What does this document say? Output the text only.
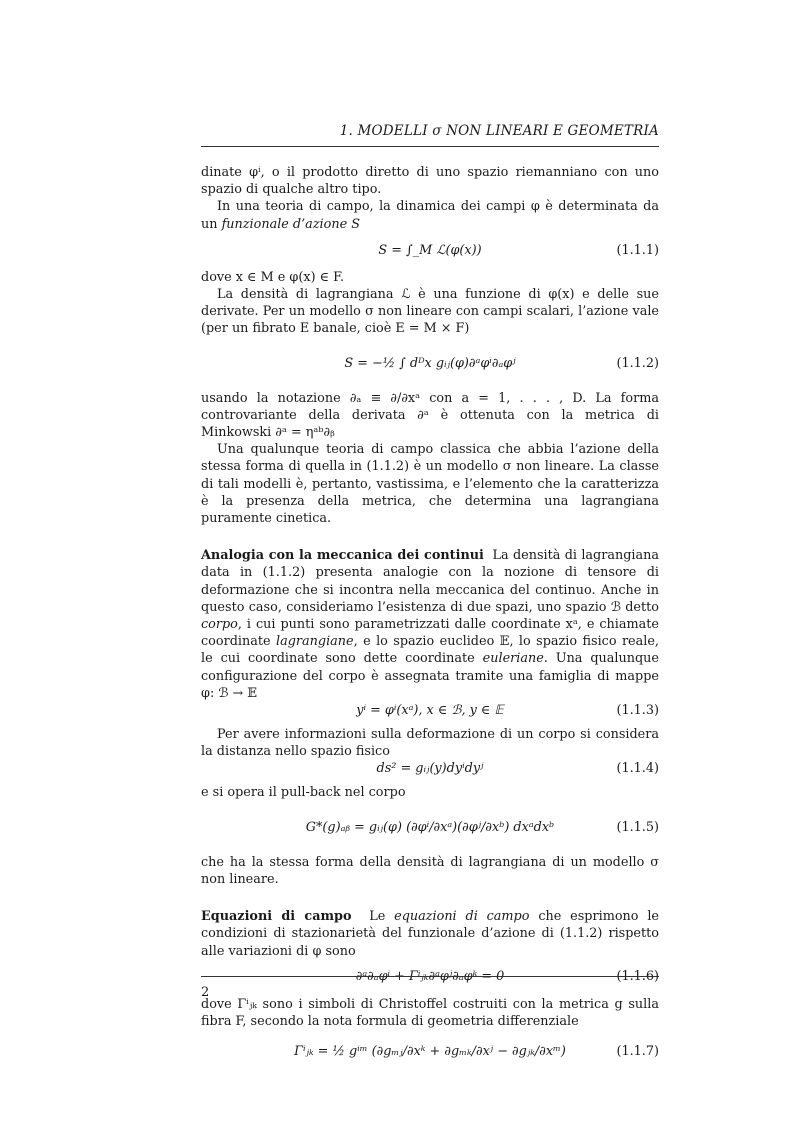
1. MODELLI σ NON LINEARI E GEOMETRIA

dinate φⁱ, o il prodotto diretto di uno spazio riemanniano con uno spazio di qualche altro tipo.

In una teoria di campo, la dinamica dei campi φ è determinata da un funzionale d’azione S

S = ∫_M ℒ(φ(x))	(1.1.1)

dove x ∈ M e φ(x) ∈ F.

La densità di lagrangiana ℒ è una funzione di φ(x) e delle sue derivate. Per un modello σ non lineare con campi scalari, l’azione vale (per un fibrato E banale, cioè E = M × F)

S = −½ ∫ dᴰx gᵢⱼ(φ)∂ᵃφⁱ∂ₐφʲ	(1.1.2)

usando la notazione ∂ₐ ≡ ∂/∂xᵃ con a = 1, . . . , D. La forma controvariante della derivata ∂ᵃ è ottenuta con la metrica di Minkowski ∂ᵃ = ηᵃᵇ∂ᵦ

Una qualunque teoria di campo classica che abbia l’azione della stessa forma di quella in (1.1.2) è un modello σ non lineare. La classe di tali modelli è, pertanto, vastissima, e l’elemento che la caratterizza è la presenza della metrica, che determina una lagrangiana puramente cinetica.

Analogia con la meccanica dei continui La densità di lagrangiana data in (1.1.2) presenta analogie con la nozione di tensore di deformazione che si incontra nella meccanica del continuo. Anche in questo caso, consideriamo l’esistenza di due spazi, uno spazio ℬ detto corpo, i cui punti sono parametrizzati dalle coordinate xᵃ, e chiamate coordinate lagrangiane, e lo spazio euclideo 𝔼, lo spazio fisico reale, le cui coordinate sono dette coordinate euleriane. Una qualunque configurazione del corpo è assegnata tramite una famiglia di mappe φ: ℬ → 𝔼

yⁱ = φⁱ(xᵃ), x ∈ ℬ, y ∈ 𝔼	(1.1.3)

Per avere informazioni sulla deformazione di un corpo si considera la distanza nello spazio fisico

ds² = gᵢⱼ(y)dyⁱdyʲ	(1.1.4)

e si opera il pull-back nel corpo

G*(g)ₐᵦ = gᵢⱼ(φ) (∂φⁱ/∂xᵃ)(∂φʲ/∂xᵇ) dxᵃdxᵇ	(1.1.5)

che ha la stessa forma della densità di lagrangiana di un modello σ non lineare.

Equazioni di campo Le equazioni di campo che esprimono le condizioni di stazionarietà del funzionale d’azione di (1.1.2) rispetto alle variazioni di φ sono

∂ᵃ∂ₐφⁱ + Γⁱⱼₖ∂ᵃφʲ∂ₐφᵏ = 0	(1.1.6)

dove Γⁱⱼₖ sono i simboli di Christoffel costruiti con la metrica g sulla fibra F, secondo la nota formula di geometria differenziale

Γⁱⱼₖ = ½ gⁱᵐ (∂gₘⱼ/∂xᵏ + ∂gₘₖ/∂xʲ − ∂gⱼₖ/∂xᵐ)	(1.1.7)
2
